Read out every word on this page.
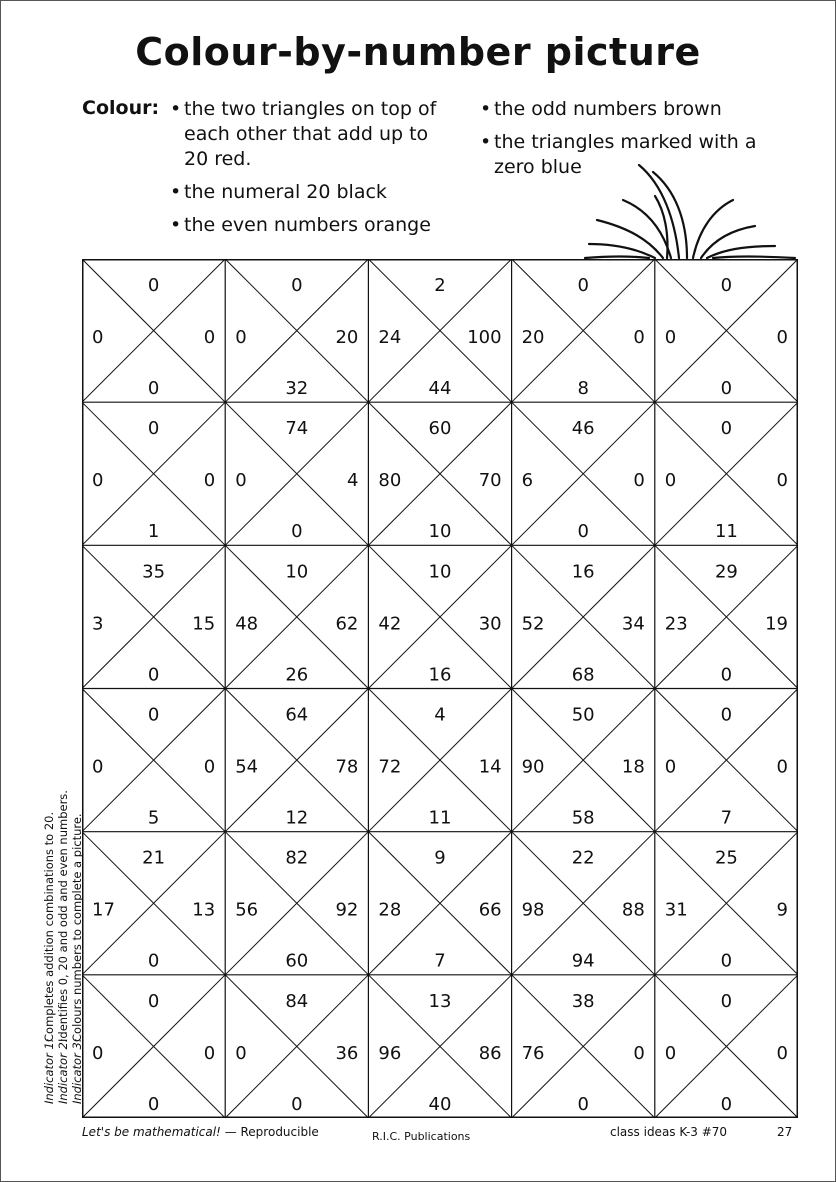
Colour-by-number picture
Colour: • the two triangles on top of each other that add up to 20 red.
• the numeral 20 black
• the even numbers orange
• the odd numbers brown
• the triangles marked with a zero blue
0
0	0
0
0
0	20
32
2
24	100
44
0
20	0
8
0
0	0
0
0
0	0
1
74
0	4
0
60
80	70
10
46
6	0
0
0
0	0
11
35
3	15
0
10
48	62
26
10
42	30
16
16
52	34
68
29
23	19
0
0
0	0
5
64
54	78
12
4
72	14
11
50
90	18
58
0
0	0
7
21
17	13
0
82
56	92
60
9
28	66
7
22
98	88
94
25
31	9
0
0
0	0
0
84
0	36
0
13
96	86
40
38
76	0
0
0
0	0
0
Indicator 1:Completes addition combinations to 20.
Indicator 2:Identifies 0, 20 and odd and even numbers.
Indicator 3:Colours numbers to complete a picture.
Let's be mathematical! — Reproducible	R.I.C. Publications	class ideas K-3 #70	27
